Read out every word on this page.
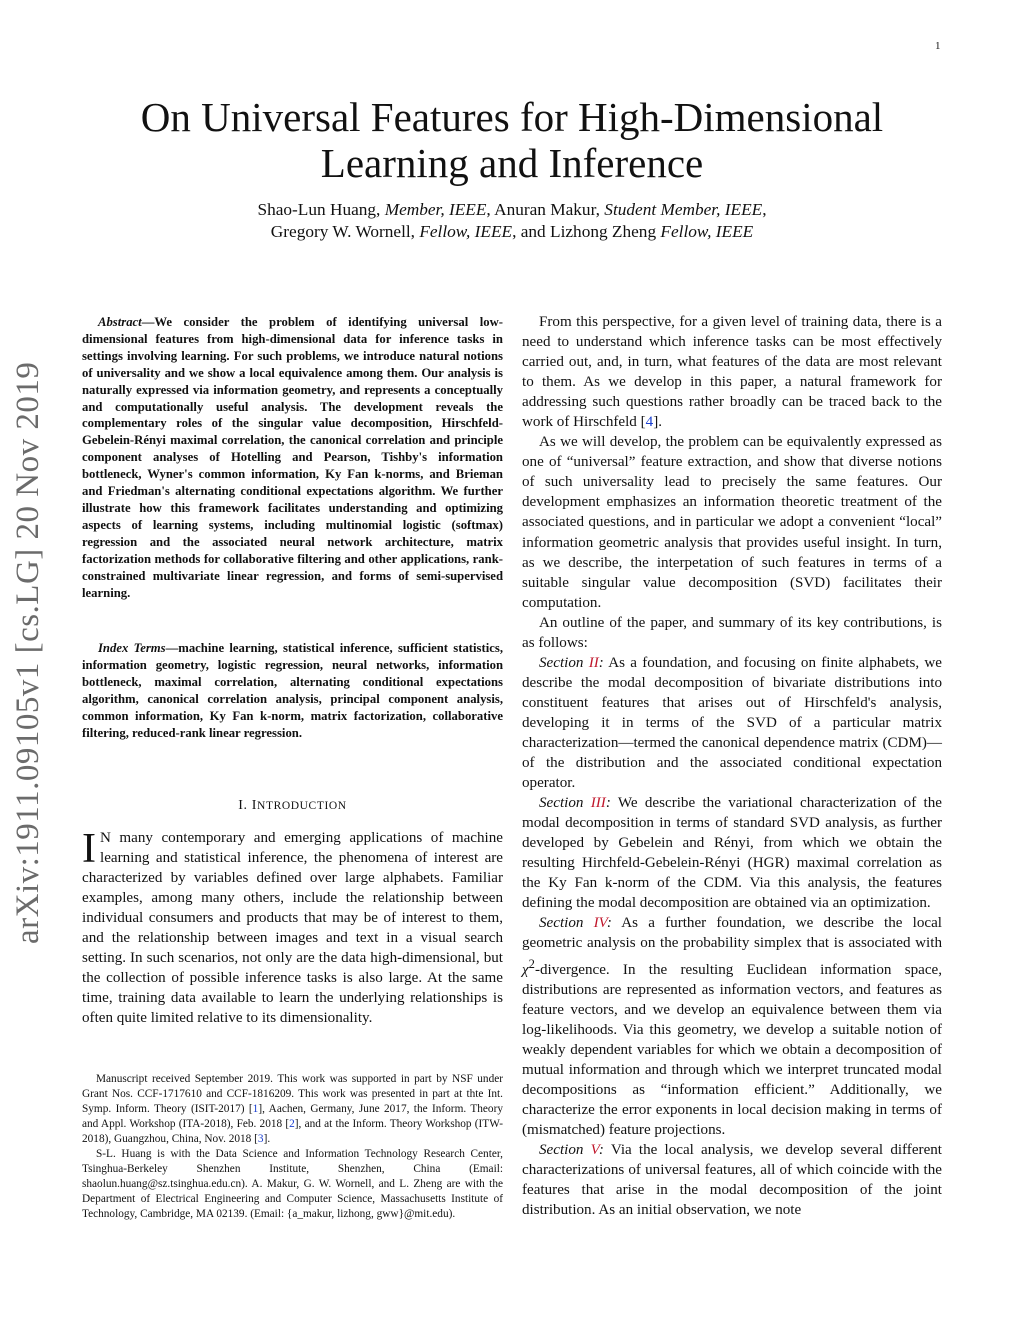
1
arXiv:1911.09105v1 [cs.LG] 20 Nov 2019
On Universal Features for High-Dimensional
Learning and Inference
Shao-Lun Huang, Member, IEEE, Anuran Makur, Student Member, IEEE,
Gregory W. Wornell, Fellow, IEEE, and Lizhong Zheng Fellow, IEEE

Abstract—We consider the problem of identifying universal low-dimensional features from high-dimensional data for inference tasks in settings involving learning. For such problems, we introduce natural notions of universality and we show a local equivalence among them. Our analysis is naturally expressed via information geometry, and represents a conceptually and computationally useful analysis. The development reveals the complementary roles of the singular value decomposition, Hirschfeld-Gebelein-Rényi maximal correlation, the canonical correlation and principle component analyses of Hotelling and Pearson, Tishby's information bottleneck, Wyner's common information, Ky Fan k-norms, and Brieman and Friedman's alternating conditional expectations algorithm. We further illustrate how this framework facilitates understanding and optimizing aspects of learning systems, including multinomial logistic (softmax) regression and the associated neural network architecture, matrix factorization methods for collaborative filtering and other applications, rank-constrained multivariate linear regression, and forms of semi-supervised learning.

Index Terms—machine learning, statistical inference, sufficient statistics, information geometry, logistic regression, neural networks, information bottleneck, maximal correlation, alternating conditional expectations algorithm, canonical correlation analysis, principal component analysis, common information, Ky Fan k-norm, matrix factorization, collaborative filtering, reduced-rank linear regression.

I. INTRODUCTION

I N many contemporary and emerging applications of machine learning and statistical inference, the phenomena of interest are characterized by variables defined over large alphabets. Familiar examples, among many others, include the relationship between individual consumers and products that may be of interest to them, and the relationship between images and text in a visual search setting. In such scenarios, not only are the data high-dimensional, but the collection of possible inference tasks is also large. At the same time, training data available to learn the underlying relationships is often quite limited relative to its dimensionality.

Manuscript received September 2019. This work was supported in part by NSF under Grant Nos. CCF-1717610 and CCF-1816209. This work was presented in part at thte Int. Symp. Inform. Theory (ISIT-2017) [1], Aachen, Germany, June 2017, the Inform. Theory and Appl. Workshop (ITA-2018), Feb. 2018 [2], and at the Inform. Theory Workshop (ITW-2018), Guangzhou, China, Nov. 2018 [3].

S-L. Huang is with the Data Science and Information Technology Research Center, Tsinghua-Berkeley Shenzhen Institute, Shenzhen, China (Email: shaolun.huang@sz.tsinghua.edu.cn). A. Makur, G. W. Wornell, and L. Zheng are with the Department of Electrical Engineering and Computer Science, Massachusetts Institute of Technology, Cambridge, MA 02139. (Email: {a_makur, lizhong, gww}@mit.edu).

From this perspective, for a given level of training data, there is a need to understand which inference tasks can be most effectively carried out, and, in turn, what features of the data are most relevant to them. As we develop in this paper, a natural framework for addressing such questions rather broadly can be traced back to the work of Hirschfeld [4].

As we will develop, the problem can be equivalently expressed as one of “universal” feature extraction, and show that diverse notions of such universality lead to precisely the same features. Our development emphasizes an information theoretic treatment of the associated questions, and in particular we adopt a convenient “local” information geometric analysis that provides useful insight. In turn, as we describe, the interpetation of such features in terms of a suitable singular value decomposition (SVD) facilitates their computation.

An outline of the paper, and summary of its key contributions, is as follows:

Section II: As a foundation, and focusing on finite alphabets, we describe the modal decomposition of bivariate distributions into constituent features that arises out of Hirschfeld's analysis, developing it in terms of the SVD of a particular matrix characterization—termed the canonical dependence matrix (CDM)—of the distribution and the associated conditional expectation operator.

Section III: We describe the variational characterization of the modal decomposition in terms of standard SVD analysis, as further developed by Gebelein and Rényi, from which we obtain the resulting Hirchfeld-Gebelein-Rényi (HGR) maximal correlation as the Ky Fan k-norm of the CDM. Via this analysis, the features defining the modal decomposition are obtained via an optimization.

Section IV: As a further foundation, we describe the local geometric analysis on the probability simplex that is associated with $\chi^2$-divergence. In the resulting Euclidean information space, distributions are represented as information vectors, and features as feature vectors, and we develop an equivalence between them via log-likelihoods. Via this geometry, we develop a suitable notion of weakly dependent variables for which we obtain a decomposition of mutual information and through which we interpret truncated modal decompositions as “information efficient.” Additionally, we characterize the error exponents in local decision making in terms of (mismatched) feature projections.

Section V: Via the local analysis, we develop several different characterizations of universal features, all of which coincide with the features that arise in the modal decomposition of the joint distribution. As an initial observation, we note
